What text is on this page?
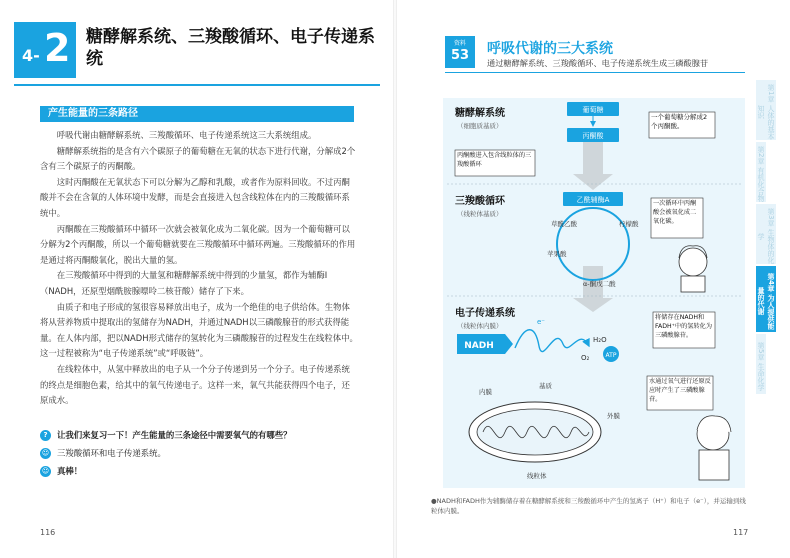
4- 2 糖酵解系统、三羧酸循环、电子传递系统
产生能量的三条路径

呼吸代谢由糖酵解系统、三羧酸循环、电子传递系统这三大系统组成。

糖酵解系统指的是含有六个碳原子的葡萄糖在无氧的状态下进行代谢，分解成2个含有三个碳原子的丙酮酸。

这时丙酮酸在无氧状态下可以分解为乙醇和乳酸，或者作为原料回收。不过丙酮酸并不会在含氧的人体环境中发酵，而是会直接进入包含线粒体在内的三羧酸循环系统中。

丙酮酸在三羧酸循环中循环一次就会被氧化成为二氧化碳。因为一个葡萄糖可以分解为2个丙酮酸，所以一个葡萄糖就要在三羧酸循环中循环两遍。三羧酸循环的作用是通过将丙酮酸氧化，脱出大量的氢。

在三羧酸循环中得到的大量氢和糖酵解系统中得到的少量氢，都作为辅酶Ⅰ（NADH，还原型烟酰胺腺嘌呤二核苷酸）储存了下来。

由质子和电子形成的氢很容易释放出电子，成为一个绝佳的电子供给体。生物体将从营养物质中提取出的氢储存为NADH，并通过NADH以三磷酸腺苷的形式获得能量。在人体内部，把以NADH形式储存的氢转化为三磷酸腺苷的过程发生在线粒体中。这一过程被称为“电子传递系统”或“呼吸链”。

在线粒体中，从氢中释放出的电子从一个分子传递到另一个分子。电子传递系统的终点是细胞色素，给其中的氧气传递电子。这样一来，氧气共能获得四个电子，还原成水。

? 让我们来复习一下！产生能量的三条途径中需要氧气的有哪些？
☺ 三羧酸循环和电子传递系统。
☺ 真棒！
116
资料
53	呼吸代谢的三大系统
通过糖酵解系统、三羧酸循环、电子传递系统生成三磷酸腺苷
糖酵解系统
（细胞质基质）
葡萄糖
丙酮酸
一个葡萄糖分解成2个丙酮酸。
丙酮酸进入包含线粒体的三羧酸循环
三羧酸循环
（线粒体基质）
乙酰辅酶A
草酰乙酸	柠檬酸
苹果酸
α-酮戊二酸
一次循环中丙酮酸会被氧化成二氧化碳。
电子传递系统
（线粒体内膜）
NADH
e⁻
H₂O
O₂	ATP
将储存在NADH和FADH⁺中的氢转化为三磷酸腺苷。
内膜
基质
外膜
线粒体
水通过氧气进行还原反应时产生了三磷酸腺苷。
●NADH和FADH作为辅酶储存着在糖酵解系统和三羧酸循环中产生的氢离子（H⁺）和电子（e⁻），并运输到线粒体内膜。
第1章 人体的基本知识
第2章 有机化合物
第3章 生物体的化学
第4章 为人提供能量的代谢
第5章 生命化学
117
